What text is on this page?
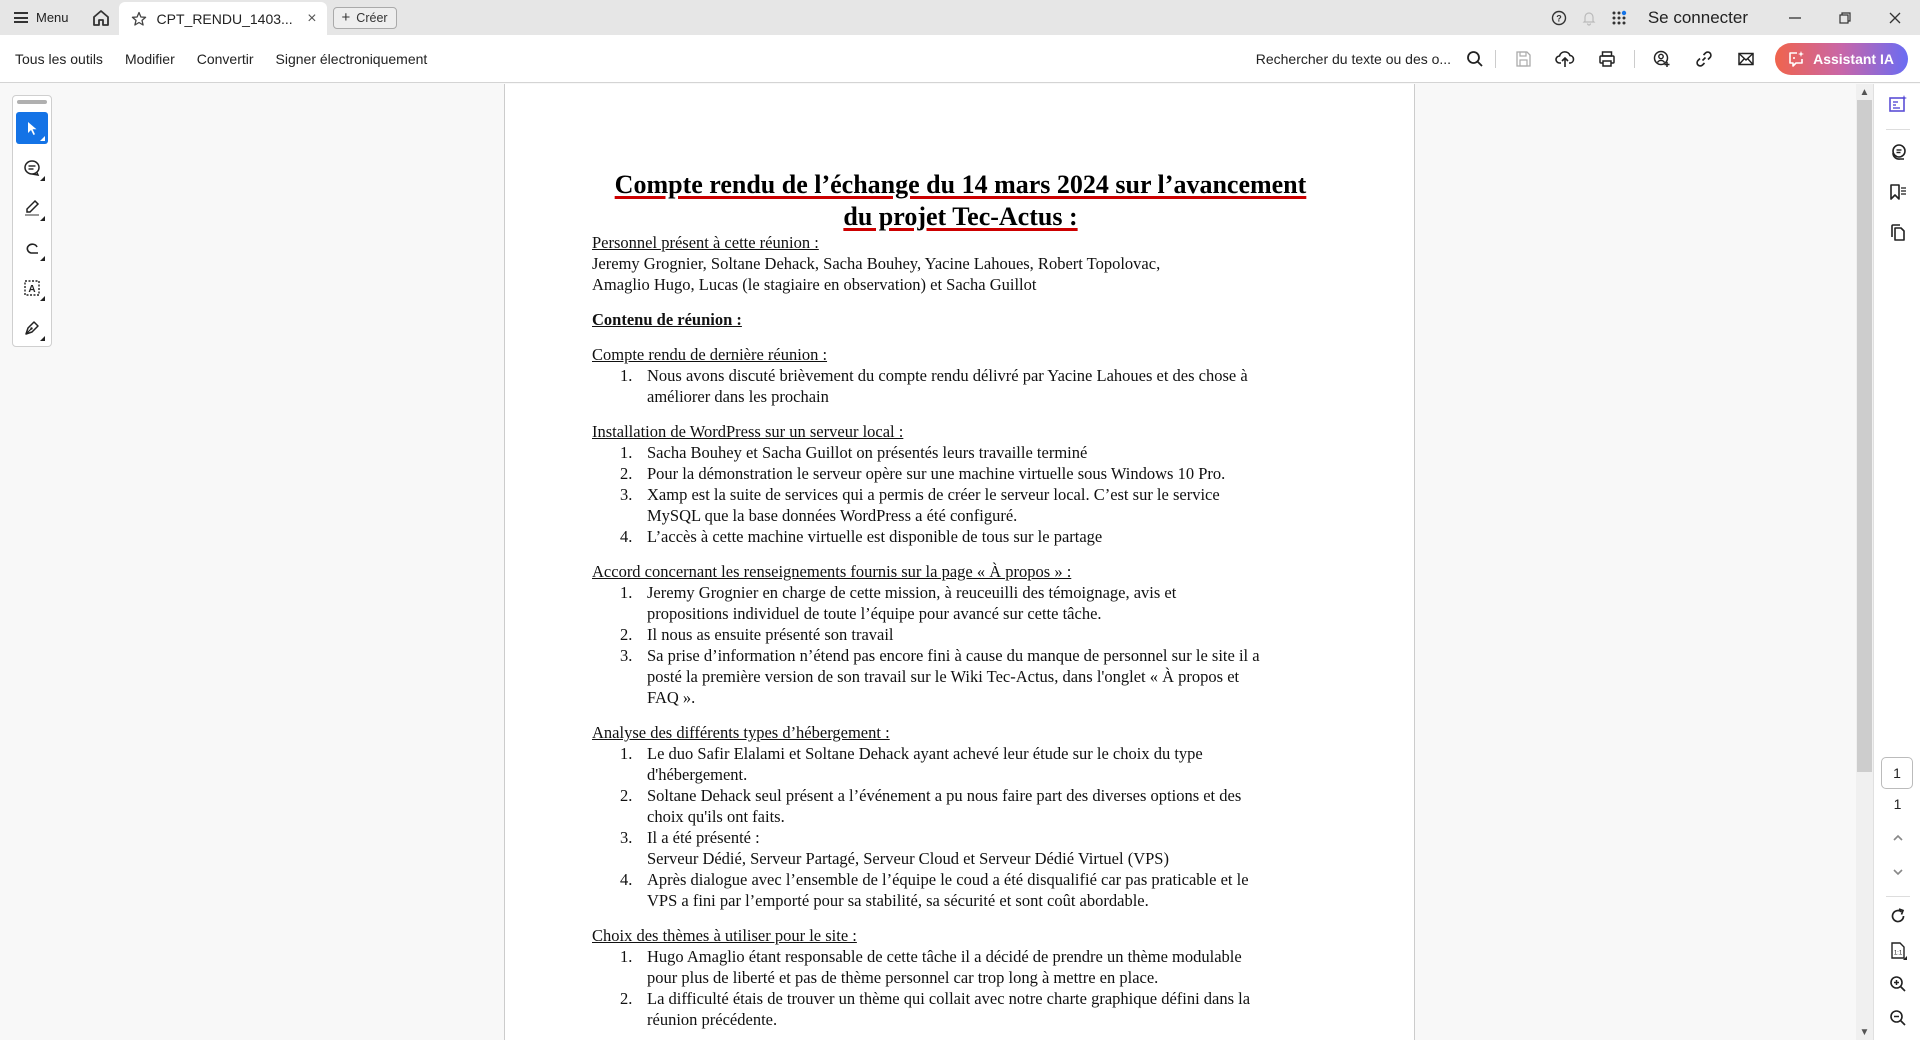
Menu	CPT_RENDU_1403... × + Créer	?	Se connecter
Tous les outils Modifier Convertir Signer électroniquement	Rechercher du texte ou des o...	Assistant IA
Compte rendu de l’échange du 14 mars 2024 sur l’avancement
du projet Tec-Actus :
Personnel présent à cette réunion :
Jeremy Grognier, Soltane Dehack, Sacha Bouhey, Yacine Lahoues, Robert Topolovac,
Amaglio Hugo, Lucas (le stagiaire en observation) et Sacha Guillot
Contenu de réunion :
Compte rendu de dernière réunion :
1. Nous avons discuté brièvement du compte rendu délivré par Yacine Lahoues et des chose à
améliorer dans les prochain
Installation de WordPress sur un serveur local :
1. Sacha Bouhey et Sacha Guillot on présentés leurs travaille terminé
2. Pour la démonstration le serveur opère sur une machine virtuelle sous Windows 10 Pro.
3. Xamp est la suite de services qui a permis de créer le serveur local. C’est sur le service
MySQL que la base données WordPress a été configuré.
4. L’accès à cette machine virtuelle est disponible de tous sur le partage
Accord concernant les renseignements fournis sur la page « À propos » :
1. Jeremy Grognier en charge de cette mission, à reuceuilli des témoignage, avis et
propositions individuel de toute l’équipe pour avancé sur cette tâche.
2. Il nous as ensuite présenté son travail
3. Sa prise d’information n’étend pas encore fini à cause du manque de personnel sur le site il a
posté la première version de son travail sur le Wiki Tec-Actus, dans l'onglet « À propos et
FAQ ».
Analyse des différents types d’hébergement :
1. Le duo Safir Elalami et Soltane Dehack ayant achevé leur étude sur le choix du type
d'hébergement.
2. Soltane Dehack seul présent a l’événement a pu nous faire part des diverses options et des
choix qu'ils ont faits.
3. Il a été présenté :
Serveur Dédié, Serveur Partagé, Serveur Cloud et Serveur Dédié Virtuel (VPS)
4. Après dialogue avec l’ensemble de l’équipe le coud a été disqualifié car pas praticable et le
VPS a fini par l’emporté pour sa stabilité, sa sécurité et sont coût abordable.
Choix des thèmes à utiliser pour le site :
1. Hugo Amaglio étant responsable de cette tâche il a décidé de prendre un thème modulable
pour plus de liberté et pas de thème personnel car trop long à mettre en place.
2. La difficulté étais de trouver un thème qui collait avec notre charte graphique défini dans la
réunion précédente.
A
▲
▼
1
1
1:1
